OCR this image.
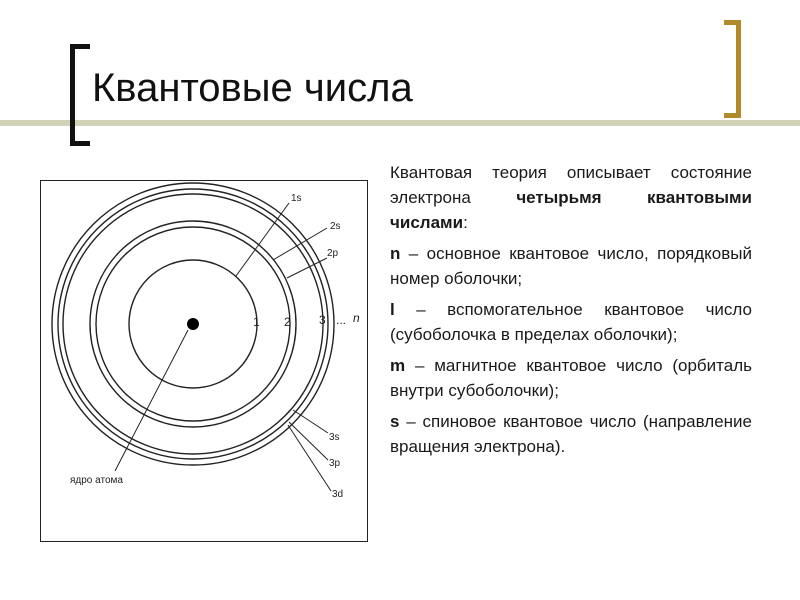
Квантовые числа
1s
2s
2p
3s
3p
3d
ядро атома
1 2 3 ... n

Квантовая теория описывает состояние электрона четырьмя квантовыми числами:

n – основное квантовое число, порядковый номер оболочки;

l – вспомогательное квантовое число (субоболочка в пределах оболочки);

m – магнитное квантовое число (орбиталь внутри субоболочки);

s – спиновое квантовое число (направление вращения электрона).
